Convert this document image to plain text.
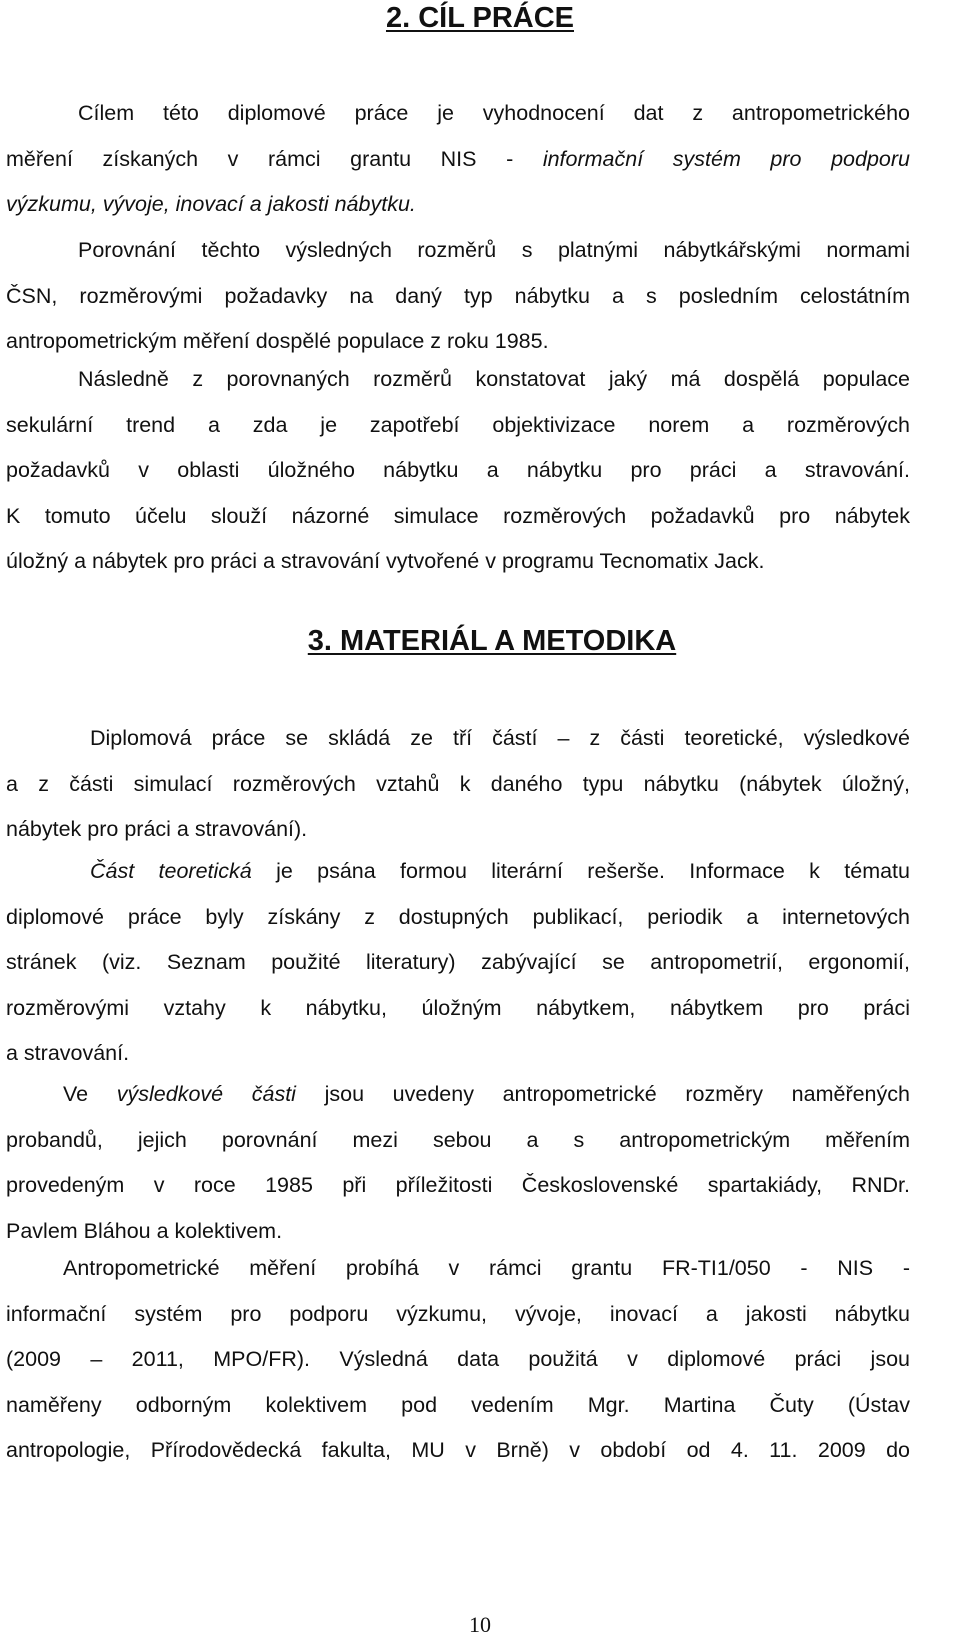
2. CÍL PRÁCE
Cílem této diplomové práce je vyhodnocení dat z antropometrického
měření získaných v rámci grantu NIS - informační systém pro podporu
výzkumu, vývoje, inovací a jakosti nábytku.
Porovnání těchto výsledných rozměrů s platnými nábytkářskými normami
ČSN, rozměrovými požadavky na daný typ nábytku a s posledním celostátním
antropometrickým měření dospělé populace z roku 1985.
Následně z porovnaných rozměrů konstatovat jaký má dospělá populace
sekulární trend a zda je zapotřebí objektivizace norem a rozměrových
požadavků v oblasti úložného nábytku a nábytku pro práci a stravování.
K tomuto účelu slouží názorné simulace rozměrových požadavků pro nábytek
úložný a nábytek pro práci a stravování vytvořené v programu Tecnomatix Jack.
3. MATERIÁL A METODIKA
Diplomová práce se skládá ze tří částí – z části teoretické, výsledkové
a z části simulací rozměrových vztahů k daného typu nábytku (nábytek úložný,
nábytek pro práci a stravování).
Část teoretická je psána formou literární rešerše. Informace k tématu
diplomové práce byly získány z dostupných publikací, periodik a internetových
stránek (viz. Seznam použité literatury) zabývající se antropometrií, ergonomií,
rozměrovými vztahy k nábytku, úložným nábytkem, nábytkem pro práci
a stravování.
Ve výsledkové části jsou uvedeny antropometrické rozměry naměřených
probandů, jejich porovnání mezi sebou a s antropometrickým měřením
provedeným v roce 1985 při příležitosti Československé spartakiády, RNDr.
Pavlem Bláhou a kolektivem.
Antropometrické měření probíhá v rámci grantu FR-TI1/050 - NIS -
informační systém pro podporu výzkumu, vývoje, inovací a jakosti nábytku
(2009 – 2011, MPO/FR). Výsledná data použitá v diplomové práci jsou
naměřeny odborným kolektivem pod vedením Mgr. Martina Čuty (Ústav
antropologie, Přírodovědecká fakulta, MU v Brně) v období od 4. 11. 2009 do

10
